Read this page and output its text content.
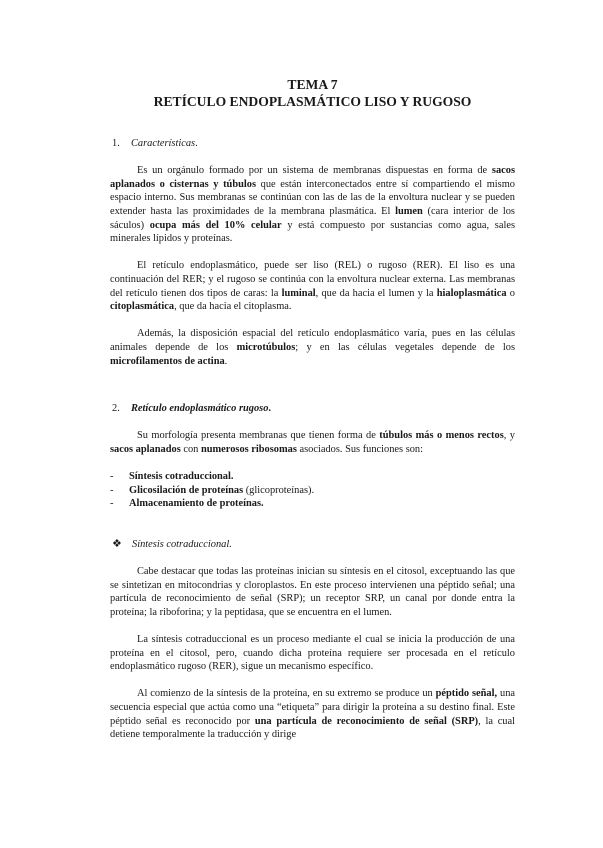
TEMA 7
RETÍCULO ENDOPLASMÁTICO LISO Y RUGOSO
1. Características.

Es un orgánulo formado por un sistema de membranas dispuestas en forma de sacos aplanados o cisternas y túbulos que están interconectados entre sí compartiendo el mismo espacio interno. Sus membranas se continúan con las de las de la envoltura nuclear y se pueden extender hasta las proximidades de la membrana plasmática. El lumen (cara interior de los sáculos) ocupa más del 10% celular y está compuesto por sustancias como agua, sales minerales lípidos y proteínas.

El retículo endoplasmático, puede ser liso (REL) o rugoso (RER). El liso es una continuación del RER; y el rugoso se continúa con la envoltura nuclear externa. Las membranas del retículo tienen dos tipos de caras: la luminal, que da hacia el lumen y la hialoplasmática o citoplasmática, que da hacia el citoplasma.

Además, la disposición espacial del retículo endoplasmático varía, pues en las células animales depende de los microtúbulos; y en las células vegetales depende de los microfilamentos de actina.

2. Retículo endoplasmático rugoso.

Su morfología presenta membranas que tienen forma de túbulos más o menos rectos, y sacos aplanados con numerosos ribosomas asociados. Sus funciones son:

- Síntesis cotraduccional.
- Glicosilación de proteínas (glicoproteínas).
- Almacenamiento de proteínas.
❖ Síntesis cotraduccional.

Cabe destacar que todas las proteínas inician su síntesis en el citosol, exceptuando las que se sintetizan en mitocondrias y cloroplastos. En este proceso intervienen una péptido señal; una partícula de reconocimiento de señal (SRP); un receptor SRP, un canal por donde entra la proteína; la riboforina; y la peptidasa, que se encuentra en el lumen.

La síntesis cotraduccional es un proceso mediante el cual se inicia la producción de una proteína en el citosol, pero, cuando dicha proteína requiere ser procesada en el retículo endoplasmático rugoso (RER), sigue un mecanismo específico.

Al comienzo de la síntesis de la proteína, en su extremo se produce un péptido señal, una secuencia especial que actúa como una “etiqueta” para dirigir la proteína a su destino final. Este péptido señal es reconocido por una partícula de reconocimiento de señal (SRP), la cual detiene temporalmente la traducción y dirige
